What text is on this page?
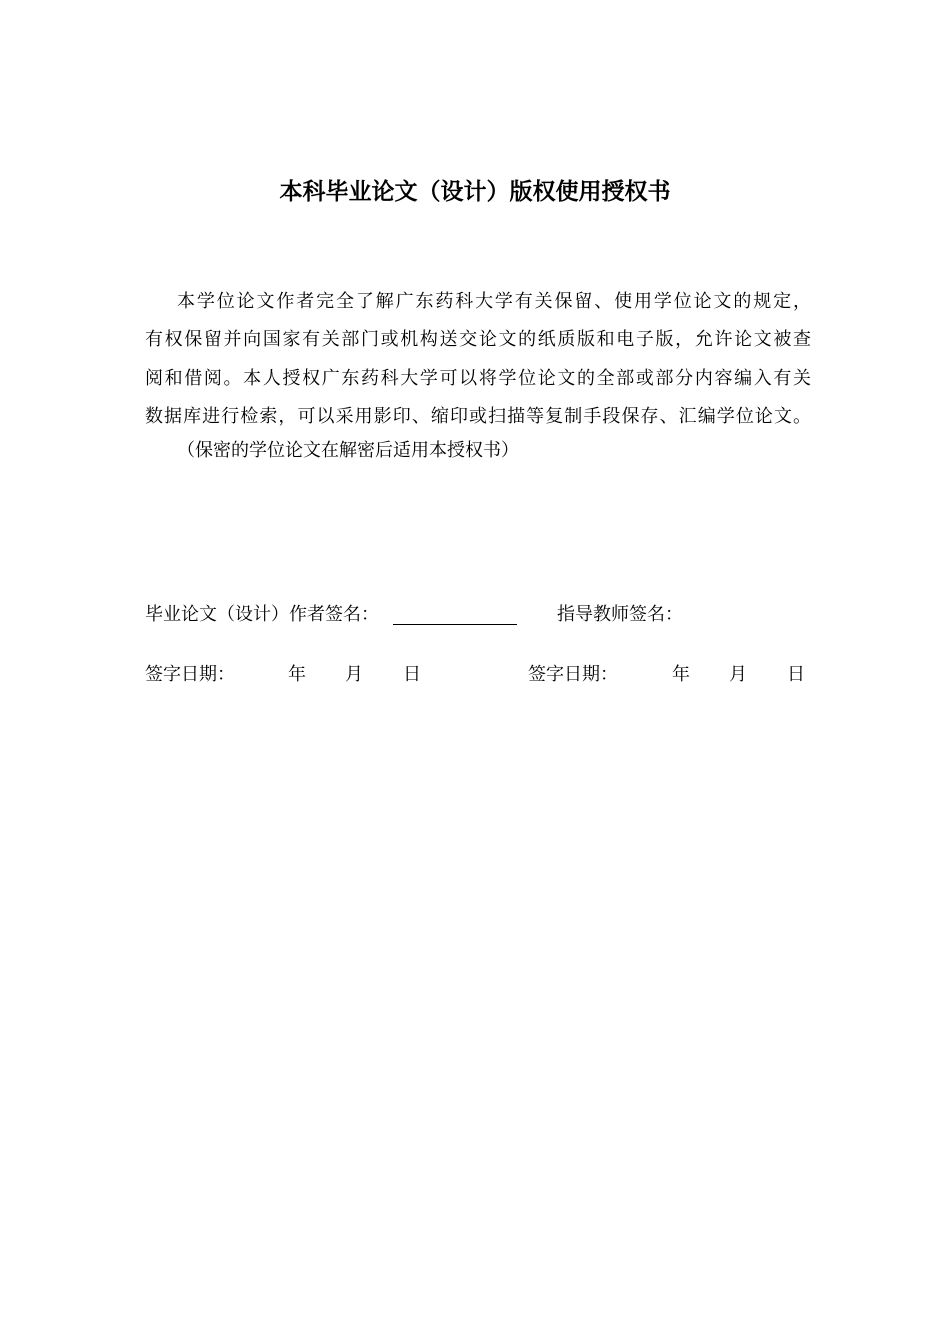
本科毕业论文（设计）版权使用授权书
本学位论文作者完全了解广东药科大学有关保留、使用学位论文的规定，
有权保留并向国家有关部门或机构送交论文的纸质版和电子版，允许论文被查
阅和借阅。本人授权广东药科大学可以将学位论文的全部或部分内容编入有关
数据库进行检索，可以采用影印、缩印或扫描等复制手段保存、汇编学位论文。
（保密的学位论文在解密后适用本授权书）
毕业论文（设计）作者签名：	指导教师签名：
签字日期：	年 月 日	签字日期：	年 月 日
